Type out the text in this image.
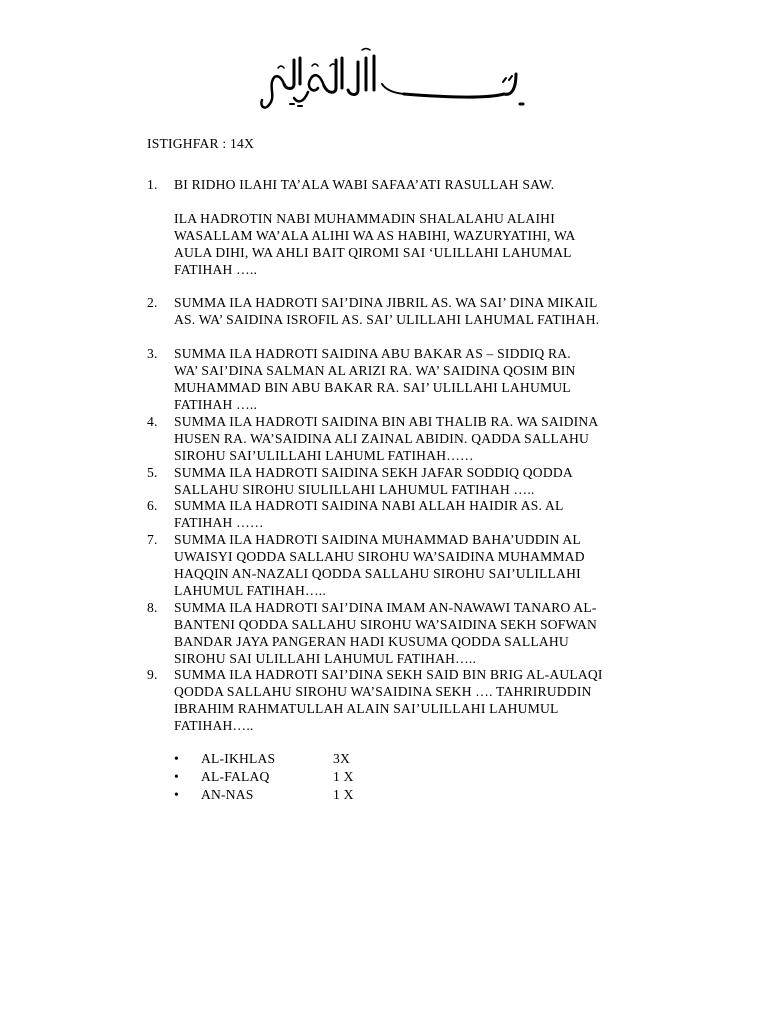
ISTIGHFAR : 14X
1. BI RIDHO ILAHI TA’ALA WABI SAFAA’ATI RASULLAH SAW.
ILA HADROTIN NABI MUHAMMADIN SHALALAHU ALAIHI
WASALLAM WA’ALA ALIHI WA AS HABIHI, WAZURYATIHI, WA
AULA DIHI, WA AHLI BAIT QIROMI SAI ‘ULILLAHI LAHUMAL
FATIHAH …..
2. SUMMA ILA HADROTI SAI’DINA JIBRIL AS. WA SAI’ DINA MIKAIL
AS. WA’ SAIDINA ISROFIL AS. SAI’ ULILLAHI LAHUMAL FATIHAH.
3. SUMMA ILA HADROTI SAIDINA ABU BAKAR AS – SIDDIQ RA.
WA’ SAI’DINA SALMAN AL ARIZI RA. WA’ SAIDINA QOSIM BIN
MUHAMMAD BIN ABU BAKAR RA. SAI’ ULILLAHI LAHUMUL
FATIHAH …..
4. SUMMA ILA HADROTI SAIDINA BIN ABI THALIB RA. WA SAIDINA
HUSEN RA. WA’SAIDINA ALI ZAINAL ABIDIN. QADDA SALLAHU
SIROHU SAI’ULILLAHI LAHUML FATIHAH……
5. SUMMA ILA HADROTI SAIDINA SEKH JAFAR SODDIQ QODDA
SALLAHU SIROHU SIULILLAHI LAHUMUL FATIHAH …..
6. SUMMA ILA HADROTI SAIDINA NABI ALLAH HAIDIR AS. AL
FATIHAH ……
7. SUMMA ILA HADROTI SAIDINA MUHAMMAD BAHA’UDDIN AL
UWAISYI QODDA SALLAHU SIROHU WA’SAIDINA MUHAMMAD
HAQQIN AN-NAZALI QODDA SALLAHU SIROHU SAI’ULILLAHI
LAHUMUL FATIHAH…..
8. SUMMA ILA HADROTI SAI’DINA IMAM AN-NAWAWI TANARO AL-
BANTENI QODDA SALLAHU SIROHU WA’SAIDINA SEKH SOFWAN
BANDAR JAYA PANGERAN HADI KUSUMA QODDA SALLAHU
SIROHU SAI ULILLAHI LAHUMUL FATIHAH…..
9. SUMMA ILA HADROTI SAI’DINA SEKH SAID BIN BRIG AL-AULAQI
QODDA SALLAHU SIROHU WA’SAIDINA SEKH …. TAHRIRUDDIN
IBRAHIM RAHMATULLAH ALAIN SAI’ULILLAHI LAHUMUL
FATIHAH…..
• AL-IKHLAS	3X
• AL-FALAQ	1 X
• AN-NAS	1 X
